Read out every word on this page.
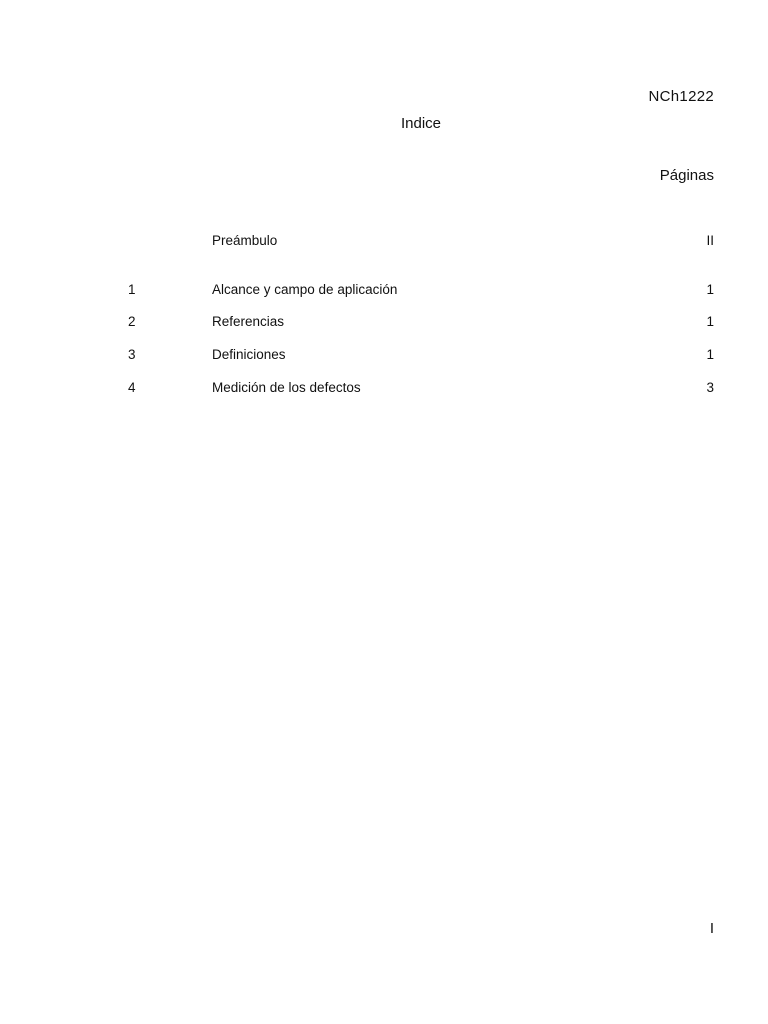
NCh1222
Indice
Páginas
Preámbulo	II
1	Alcance y campo de aplicación	1
2	Referencias	1
3	Definiciones	1
4	Medición de los defectos	3
I
